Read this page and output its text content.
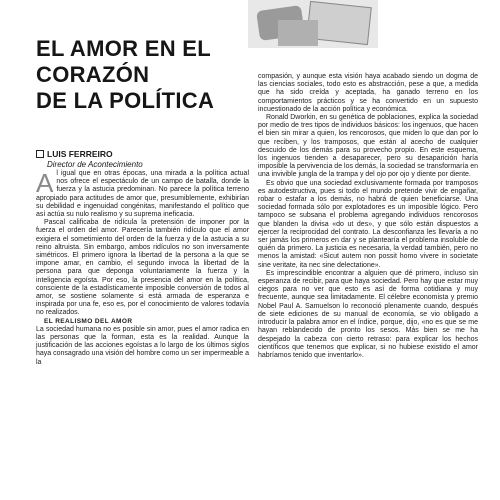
EL AMOR EN EL
CORAZÓN
DE LA POLÍTICA
LUIS FERREIRO
Director de Acontecimiento

Al igual que en otras épocas, una mirada a la política actual nos ofrece el espectáculo de un campo de batalla, donde la fuerza y la astucia predominan. No parece la política terreno apropiado para actitudes de amor que, presumiblemente, exhibirían su debilidad e ingenuidad congénitas, manifestando el político que así actúa su nulo realismo y su suprema ineficacia.

Pascal calificaba de ridícula la pretensión de imponer por la fuerza el orden del amor. Parecería también ridículo que el amor exigiera el sometimiento del orden de la fuerza y de la astucia a su reino altruista. Sin embargo, ambos ridículos no son inversamente simétricos. El primero ignora la libertad de la persona a la que se impone amar, en cambio, el segundo invoca la libertad de la persona para que deponga voluntariamente la fuerza y la inteligencia egoísta. Por eso, la presencia del amor en la política, consciente de la estadísticamente imposible conversión de todos al amor, se sostiene solamente si está armada de esperanza e inspirada por una fe, eso es, por el conocimiento de valores todavía no realizados.

EL REALISMO DEL AMOR

La sociedad humana no es posible sin amor, pues el amor radica en las personas que la forman, esta es la realidad. Aunque la justificación de las acciones egoístas a lo largo de los últimos siglos haya consagrado una visión del hombre como un ser impermeable a la

compasión, y aunque esta visión haya acabado siendo un dogma de las ciencias sociales, todo esto es abstracción, pese a que, a medida que ha sido creída y aceptada, ha ganado terreno en los comportamientos prácticos y se ha convertido en un supuesto incuestionado de la acción política y económica.

Ronald Dworkin, en su genética de poblaciones, explica la sociedad por medio de tres tipos de individuos básicos: los ingenuos, que hacen el bien sin mirar a quien, los rencorosos, que miden lo que dan por lo que reciben, y los tramposos, que están al acecho de cualquier descuido de los demás para su provecho propio. En este esquema, los ingenuos tienden a desaparecer, pero su desaparición haría imposible la pervivencia de los demás, la sociedad se transformaría en una invivible jungla de la trampa y del ojo por ojo y diente por diente.

Es obvio que una sociedad exclusivamente formada por tramposos es autodestructiva, pues si todo el mundo pretende vivir de engañar, robar o estafar a los demás, no habrá de quien beneficiarse. Una sociedad formada sólo por explotadores es un imposible lógico. Pero tampoco se subsana el problema agregando individuos rencorosos que blanden la divisa «do ut des», y que sólo están dispuestos a ejercer la reciprocidad del contrato. La desconfianza les llevaría a no ser jamás los primeros en dar y se plantearía el problema insoluble de quién da primero. La justicia es necesaria, la verdad también, pero no menos la amistad: «Sicut autem non possit homo vivere in societate sine veritate, ita nec sine delectatione».

Es imprescindible encontrar a alguien que dé primero, incluso sin esperanza de recibir, para que haya sociedad. Pero hay que estar muy ciegos para no ver que esto es así de forma cotidiana y muy frecuente, aunque sea limitadamente. El célebre economista y premio Nobel Paul A. Samuelson lo reconoció plenamente cuando, después de siete ediciones de su manual de economía, se vio obligado a introducir la palabra amor en el índice, porque, dijo, «no es que se me hayan reblandecido de pronto los sesos. Más bien se me ha despejado la cabeza con cierto retraso: para explicar los hechos científicos que tenemos que explicar, si no hubiese existido el amor habríamos tenido que inventarlo».
